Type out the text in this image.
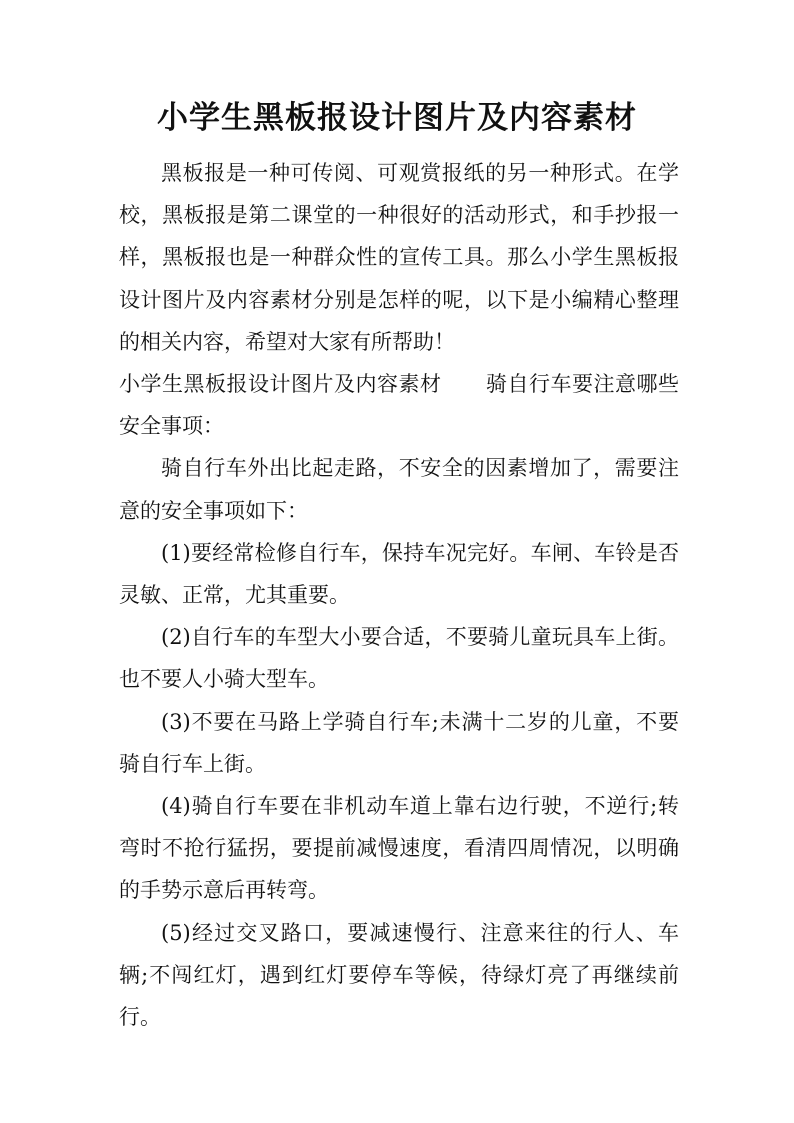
小学生黑板报设计图片及内容素材

黑板报是一种可传阅、可观赏报纸的另一种形式。在学校，黑板报是第二课堂的一种很好的活动形式，和手抄报一样，黑板报也是一种群众性的宣传工具。那么小学生黑板报设计图片及内容素材分别是怎样的呢，以下是小编精心整理的相关内容，希望对大家有所帮助！

小学生黑板报设计图片及内容素材 骑自行车要注意哪些安全事项：

骑自行车外出比起走路，不安全的因素增加了，需要注意的安全事项如下：

(1)要经常检修自行车，保持车况完好。车闸、车铃是否灵敏、正常，尤其重要。

(2)自行车的车型大小要合适，不要骑儿童玩具车上街。也不要人小骑大型车。

(3)不要在马路上学骑自行车;未满十二岁的儿童，不要骑自行车上街。

(4)骑自行车要在非机动车道上靠右边行驶，不逆行;转弯时不抢行猛拐，要提前减慢速度，看清四周情况，以明确的手势示意后再转弯。

(5)经过交叉路口，要减速慢行、注意来往的行人、车辆;不闯红灯，遇到红灯要停车等候，待绿灯亮了再继续前行。
